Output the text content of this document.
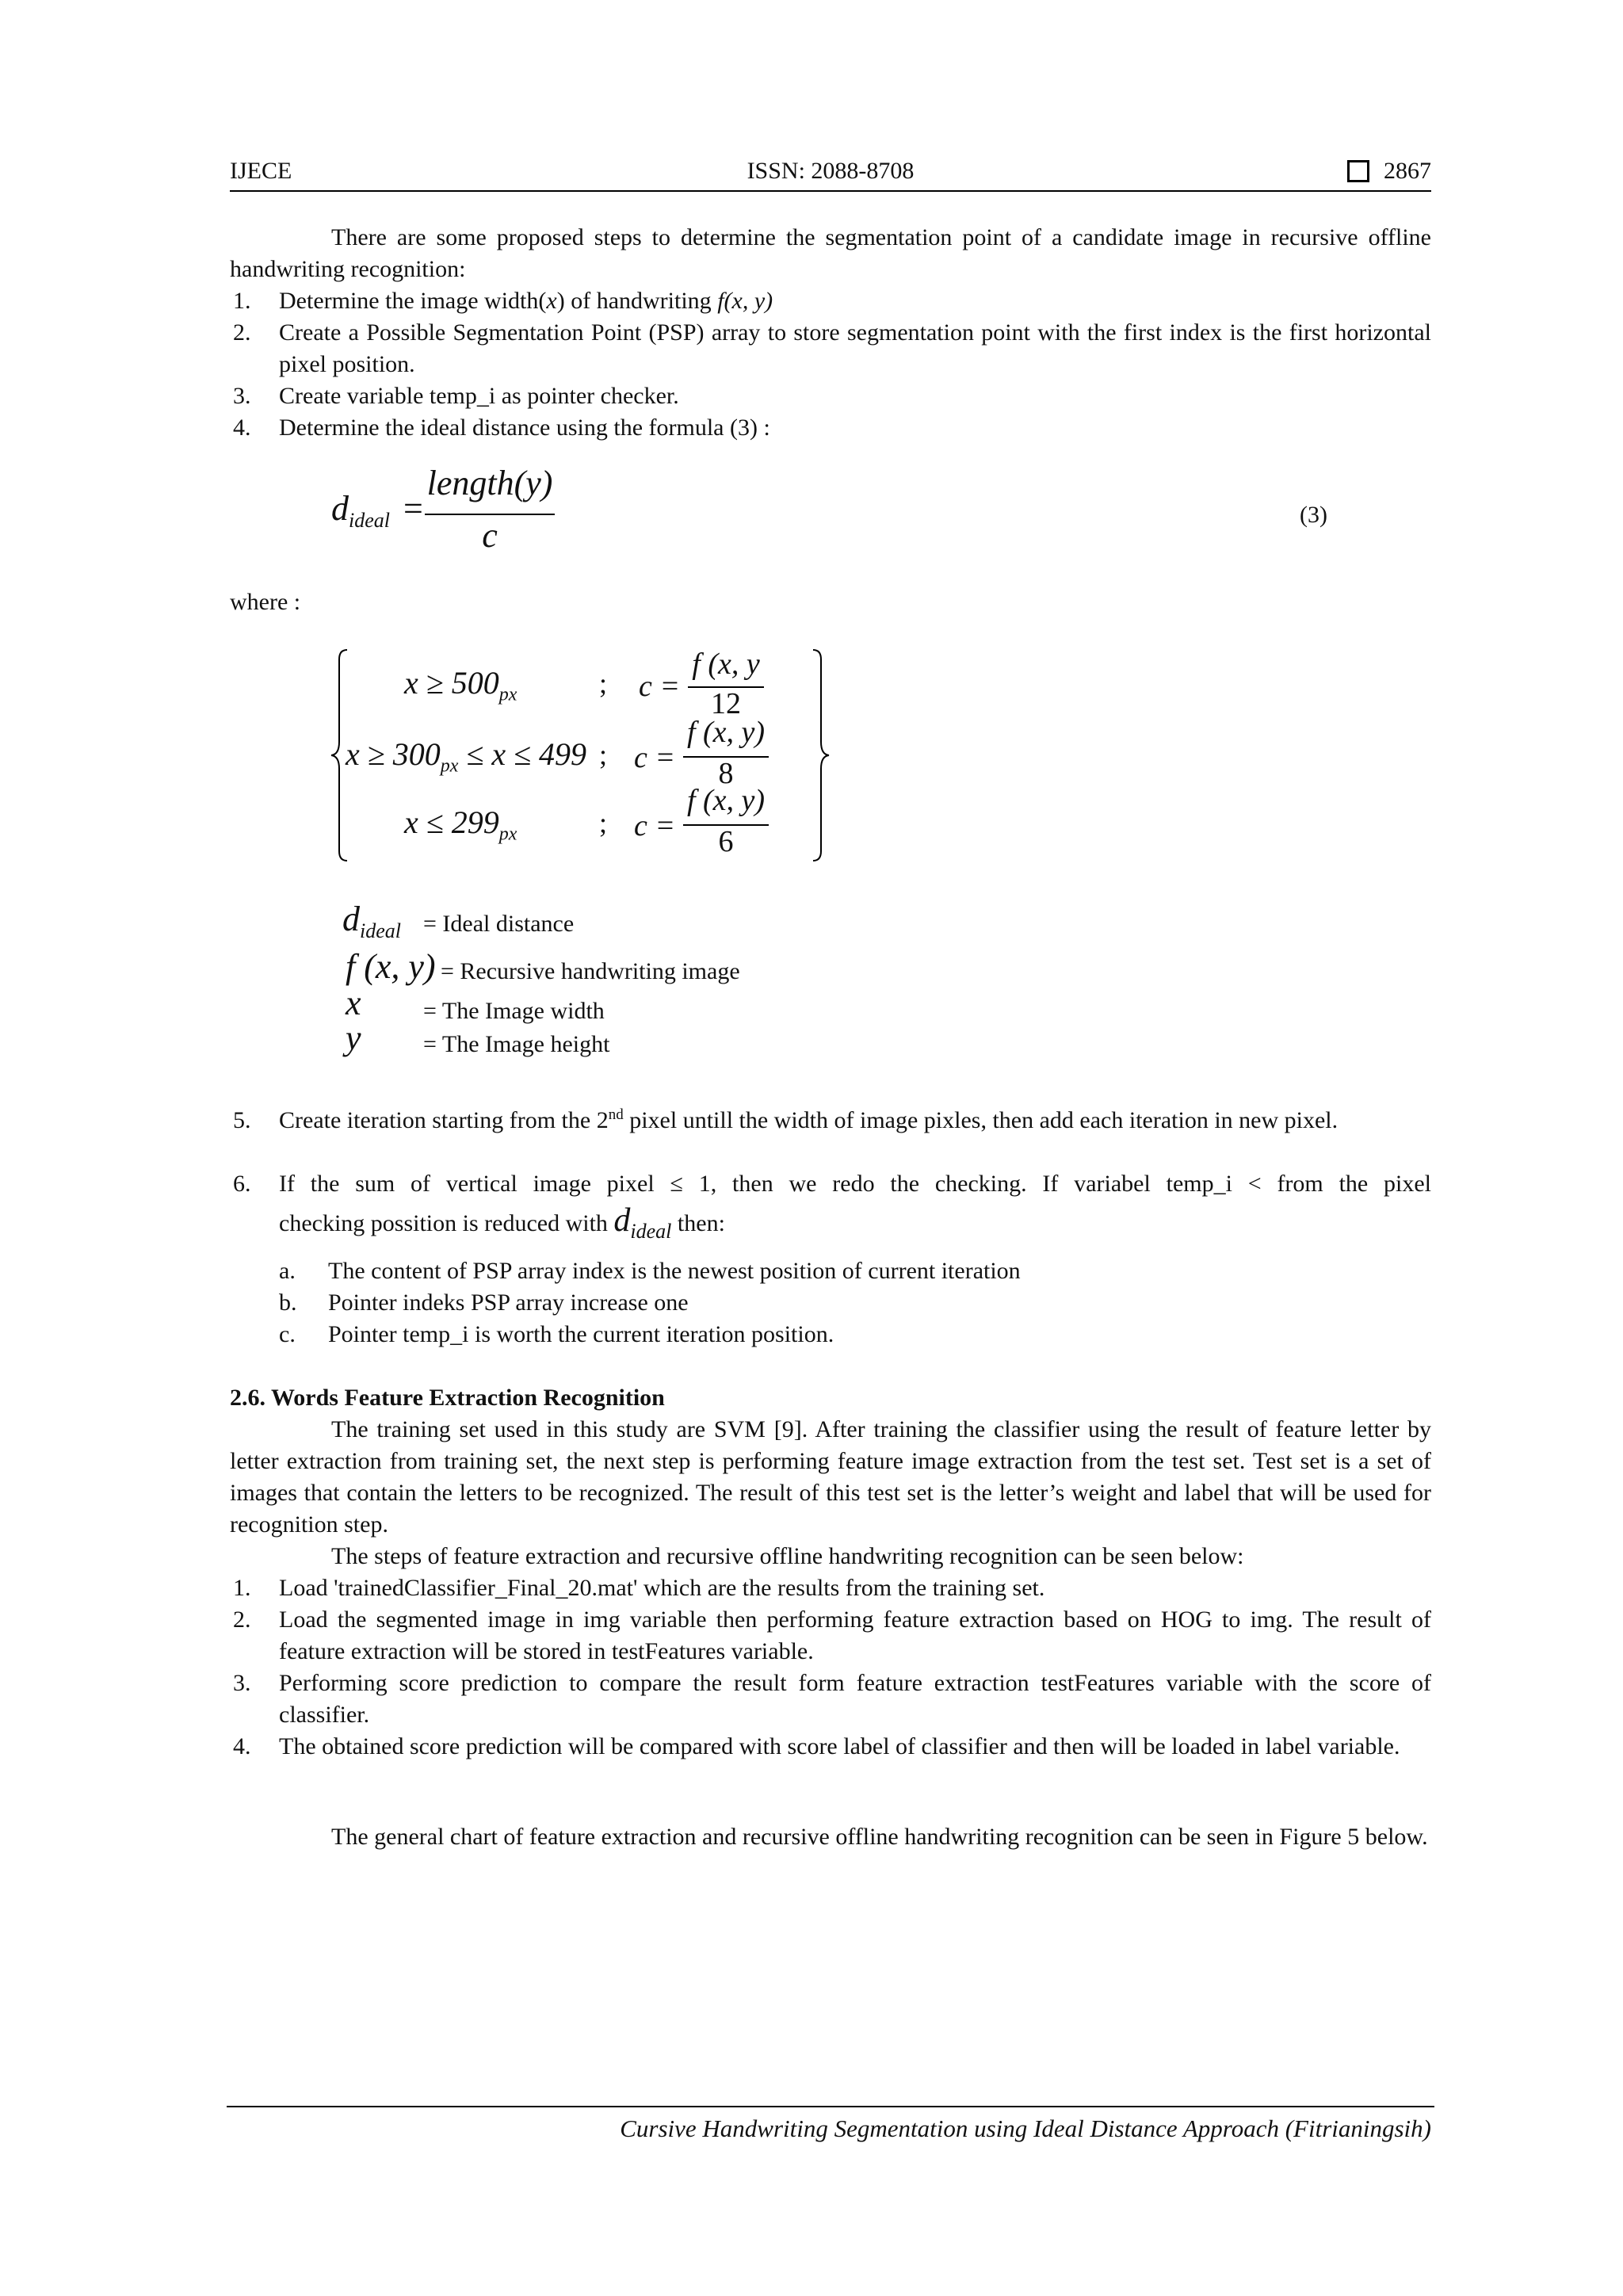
IJECE	ISSN: 2088-8708	2867
There are some proposed steps to determine the segmentation point of a candidate image in recursive offline handwriting recognition:
1. Determine the image width(x) of handwriting f(x, y)
2. Create a Possible Segmentation Point (PSP) array to store segmentation point with the first index is the first horizontal pixel position.
3. Create variable temp_i as pointer checker.
4. Determine the ideal distance using the formula (3) :
$d_{ideal}$ =
length(y)
c
(3)
where :
$x \ge 500_{px}$	; c =
f (x, y
12
$x \ge 300_{px} \le x \le 499$ ; c =
f (x, y)
8
$x \le 299_{px}$	; c =
f (x, y)
6
$d_{ideal}$ = Ideal distance
f (x, y) = Recursive handwriting image
x	= The Image width
y	= The Image height
5. Create iteration starting from the 2nd pixel untill the width of image pixles, then add each iteration in new pixel.
6. If the sum of vertical image pixel ≤ 1, then we redo the checking. If variabel temp_i < from the pixel
checking possition is reduced with dideal then:
a. The content of PSP array index is the newest position of current iteration
b. Pointer indeks PSP array increase one
c. Pointer temp_i is worth the current iteration position.
2.6. Words Feature Extraction Recognition
The training set used in this study are SVM [9]. After training the classifier using the result of feature letter by letter extraction from training set, the next step is performing feature image extraction from the test set. Test set is a set of images that contain the letters to be recognized. The result of this test set is the letter’s weight and label that will be used for recognition step.
The steps of feature extraction and recursive offline handwriting recognition can be seen below:
1. Load 'trainedClassifier_Final_20.mat' which are the results from the training set.
2. Load the segmented image in img variable then performing feature extraction based on HOG to img. The result of feature extraction will be stored in testFeatures variable.
3. Performing score prediction to compare the result form feature extraction testFeatures variable with the score of classifier.
4. The obtained score prediction will be compared with score label of classifier and then will be loaded in label variable.
The general chart of feature extraction and recursive offline handwriting recognition can be seen in Figure 5 below.
Cursive Handwriting Segmentation using Ideal Distance Approach (Fitrianingsih)
